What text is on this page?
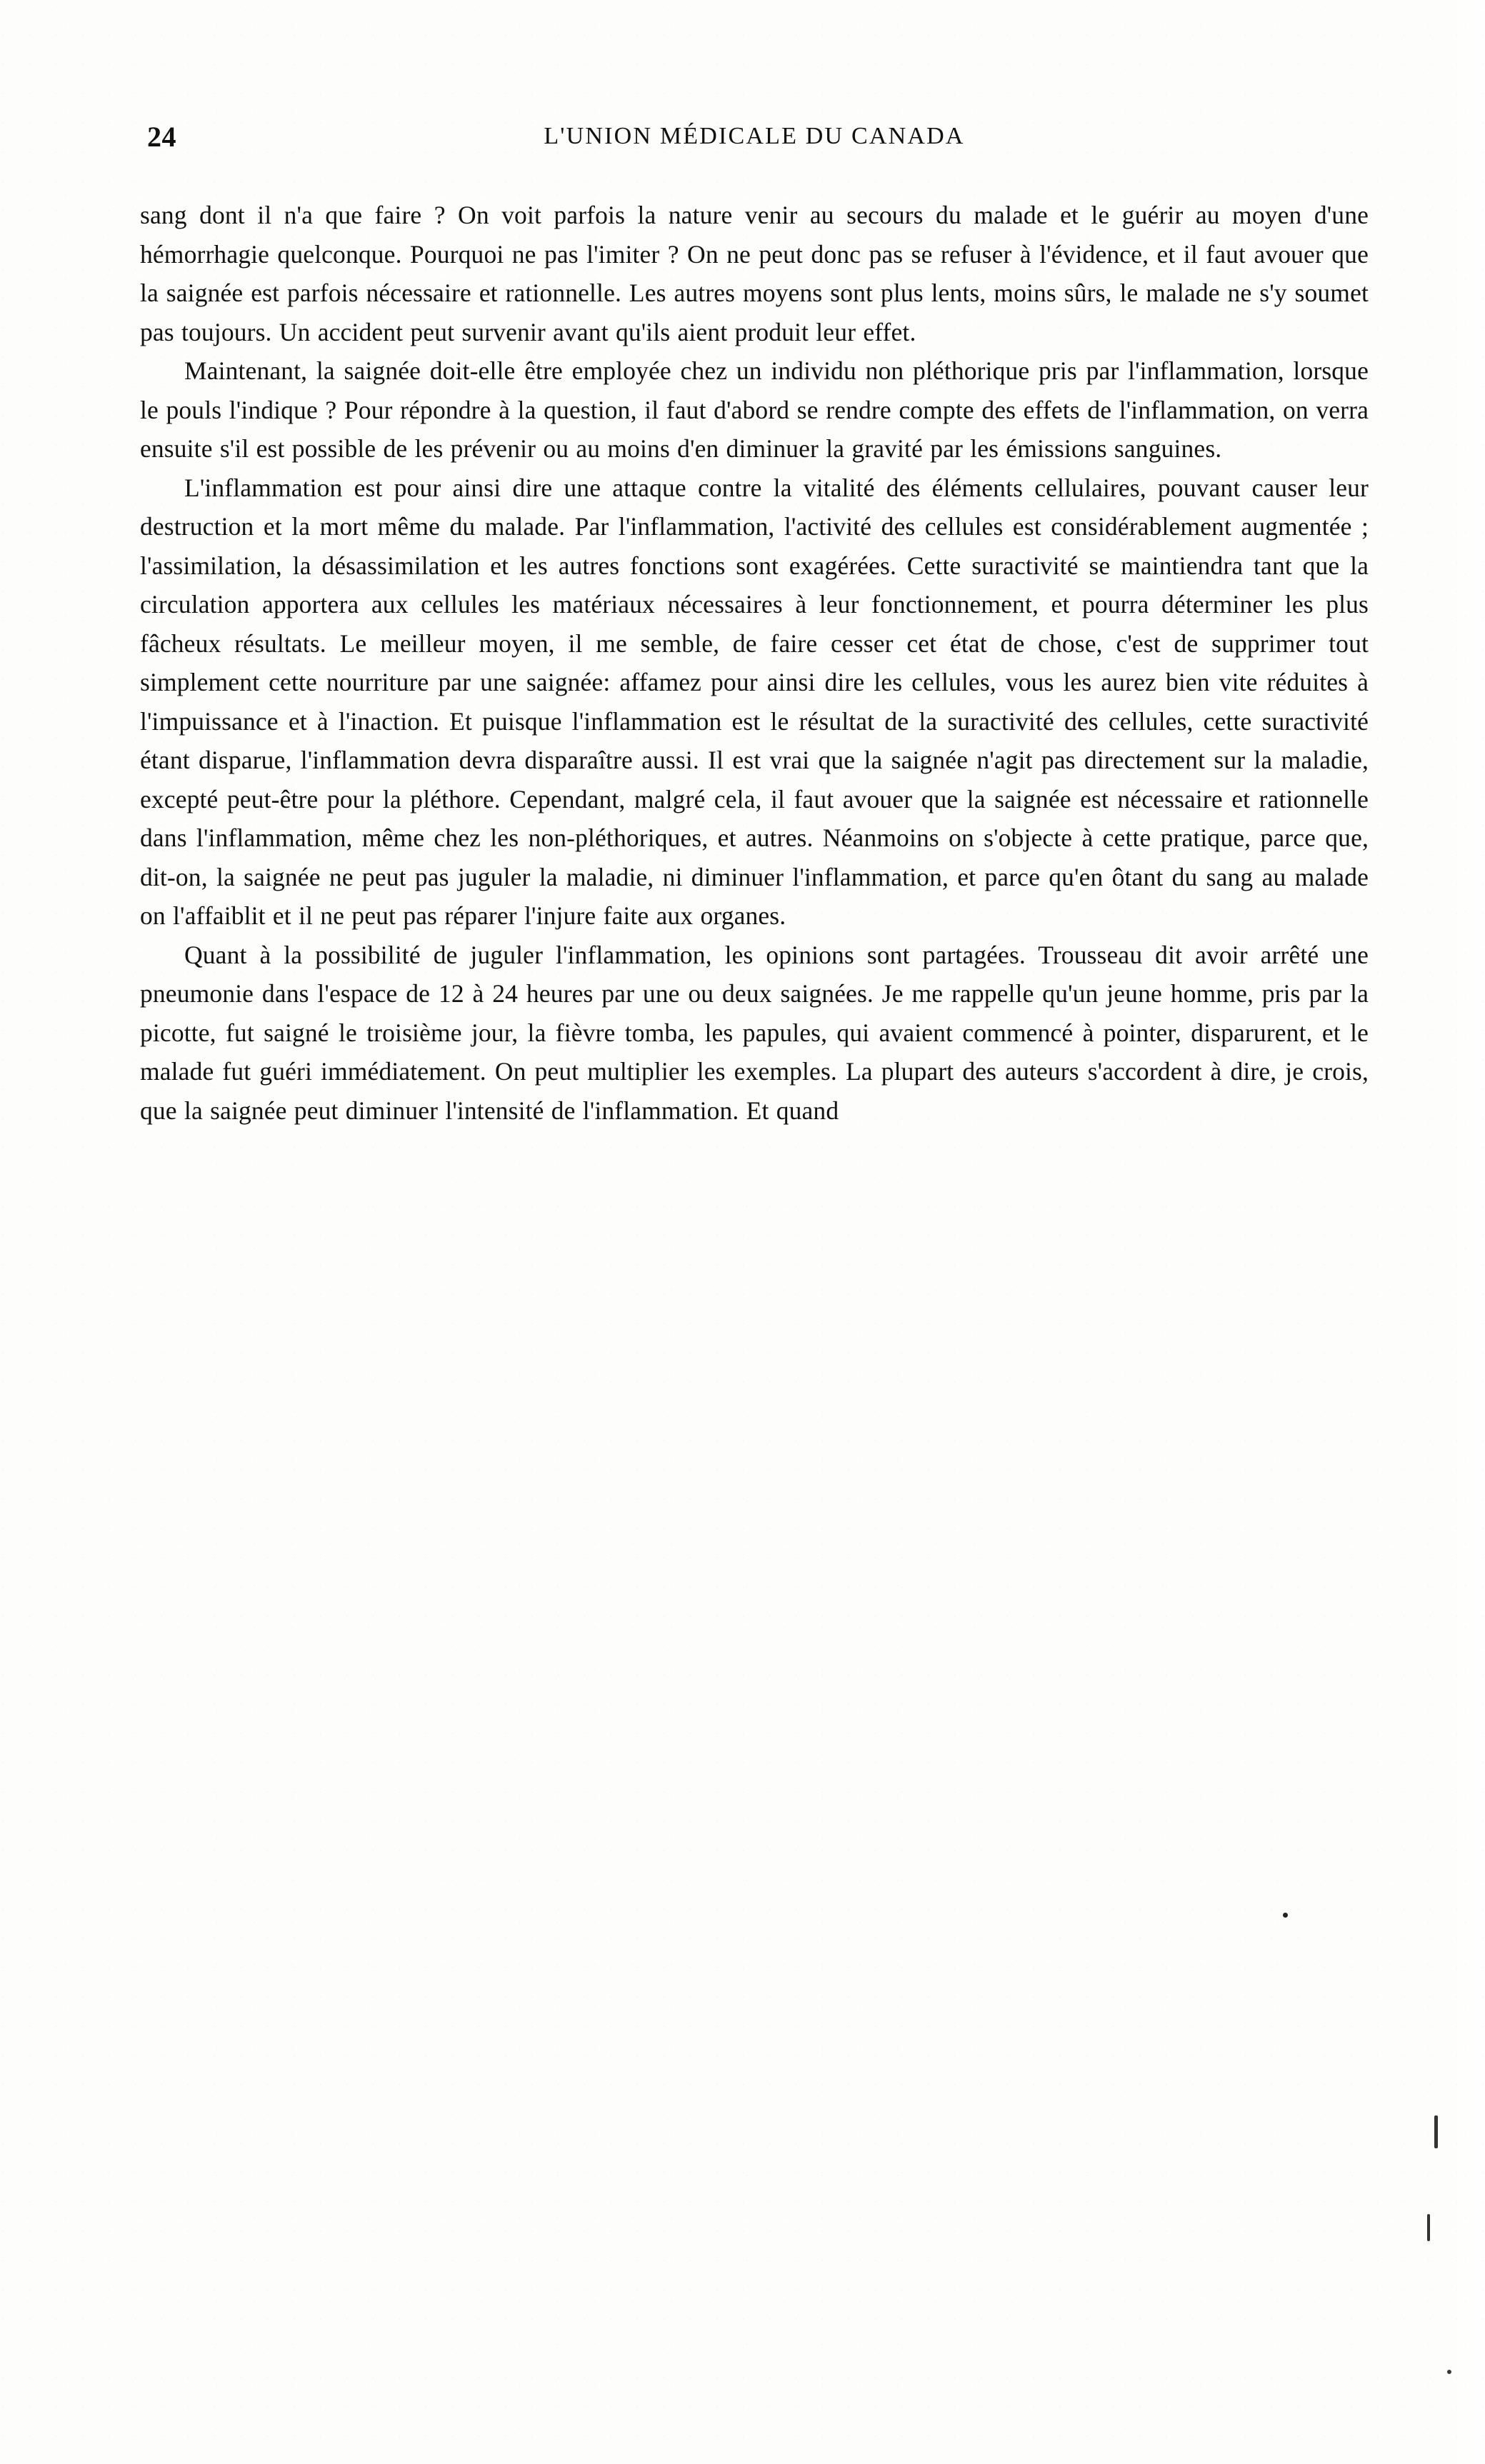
24	L'UNION MÉDICALE DU CANADA

sang dont il n'a que faire ? On voit parfois la nature venir au secours du malade et le guérir au moyen d'une hémorrhagie quelconque. Pourquoi ne pas l'imiter ? On ne peut donc pas se refuser à l'évidence, et il faut avouer que la saignée est parfois nécessaire et rationnelle. Les autres moyens sont plus lents, moins sûrs, le malade ne s'y soumet pas toujours. Un accident peut survenir avant qu'ils aient produit leur effet.

Maintenant, la saignée doit-elle être employée chez un individu non pléthorique pris par l'inflammation, lorsque le pouls l'indique ? Pour répondre à la question, il faut d'abord se rendre compte des effets de l'inflammation, on verra ensuite s'il est possible de les prévenir ou au moins d'en diminuer la gravité par les émissions sanguines.

L'inflammation est pour ainsi dire une attaque contre la vitalité des éléments cellulaires, pouvant causer leur destruction et la mort même du malade. Par l'inflammation, l'activité des cellules est considérablement augmentée ; l'assimilation, la désassimilation et les autres fonctions sont exagérées. Cette suractivité se maintiendra tant que la circulation apportera aux cellules les matériaux nécessaires à leur fonctionnement, et pourra déterminer les plus fâcheux résultats. Le meilleur moyen, il me semble, de faire cesser cet état de chose, c'est de supprimer tout simplement cette nourriture par une saignée: affamez pour ainsi dire les cellules, vous les aurez bien vite réduites à l'impuissance et à l'inaction. Et puisque l'inflammation est le résultat de la suractivité des cellules, cette suractivité étant disparue, l'inflammation devra disparaître aussi. Il est vrai que la saignée n'agit pas directement sur la maladie, excepté peut-être pour la pléthore. Cependant, malgré cela, il faut avouer que la saignée est nécessaire et rationnelle dans l'inflammation, même chez les non-pléthoriques, et autres. Néanmoins on s'objecte à cette pratique, parce que, dit-on, la saignée ne peut pas juguler la maladie, ni diminuer l'inflammation, et parce qu'en ôtant du sang au malade on l'affaiblit et il ne peut pas réparer l'injure faite aux organes.

Quant à la possibilité de juguler l'inflammation, les opinions sont partagées. Trousseau dit avoir arrêté une pneumonie dans l'espace de 12 à 24 heures par une ou deux saignées. Je me rappelle qu'un jeune homme, pris par la picotte, fut saigné le troisième jour, la fièvre tomba, les papules, qui avaient commencé à pointer, disparurent, et le malade fut guéri immédiatement. On peut multiplier les exemples. La plupart des auteurs s'accordent à dire, je crois, que la saignée peut diminuer l'intensité de l'inflammation. Et quand
